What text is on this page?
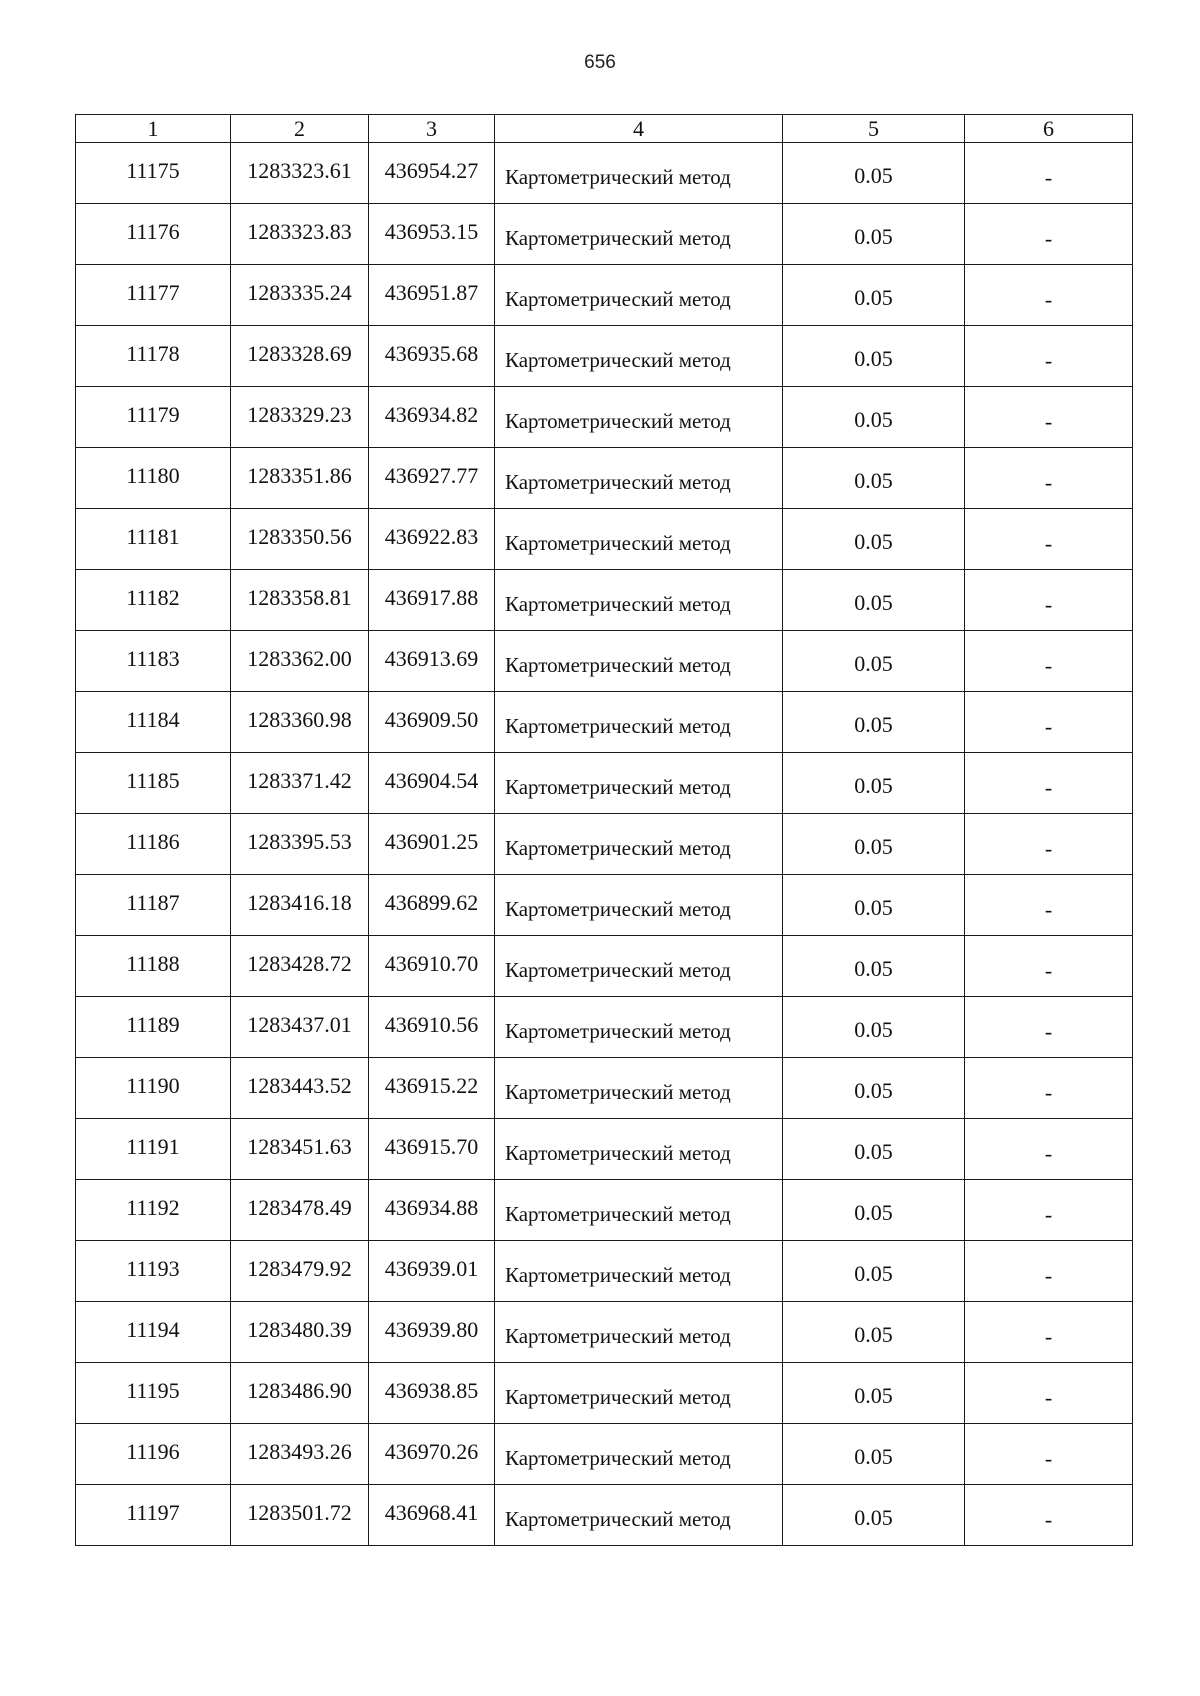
656
1	2	3	4	5	6
11175	1283323.61	436954.27	Картометрический метод	0.05	-
11176	1283323.83	436953.15	Картометрический метод	0.05	-
11177	1283335.24	436951.87	Картометрический метод	0.05	-
11178	1283328.69	436935.68	Картометрический метод	0.05	-
11179	1283329.23	436934.82	Картометрический метод	0.05	-
11180	1283351.86	436927.77	Картометрический метод	0.05	-
11181	1283350.56	436922.83	Картометрический метод	0.05	-
11182	1283358.81	436917.88	Картометрический метод	0.05	-
11183	1283362.00	436913.69	Картометрический метод	0.05	-
11184	1283360.98	436909.50	Картометрический метод	0.05	-
11185	1283371.42	436904.54	Картометрический метод	0.05	-
11186	1283395.53	436901.25	Картометрический метод	0.05	-
11187	1283416.18	436899.62	Картометрический метод	0.05	-
11188	1283428.72	436910.70	Картометрический метод	0.05	-
11189	1283437.01	436910.56	Картометрический метод	0.05	-
11190	1283443.52	436915.22	Картометрический метод	0.05	-
11191	1283451.63	436915.70	Картометрический метод	0.05	-
11192	1283478.49	436934.88	Картометрический метод	0.05	-
11193	1283479.92	436939.01	Картометрический метод	0.05	-
11194	1283480.39	436939.80	Картометрический метод	0.05	-
11195	1283486.90	436938.85	Картометрический метод	0.05	-
11196	1283493.26	436970.26	Картометрический метод	0.05	-
11197	1283501.72	436968.41	Картометрический метод	0.05	-
